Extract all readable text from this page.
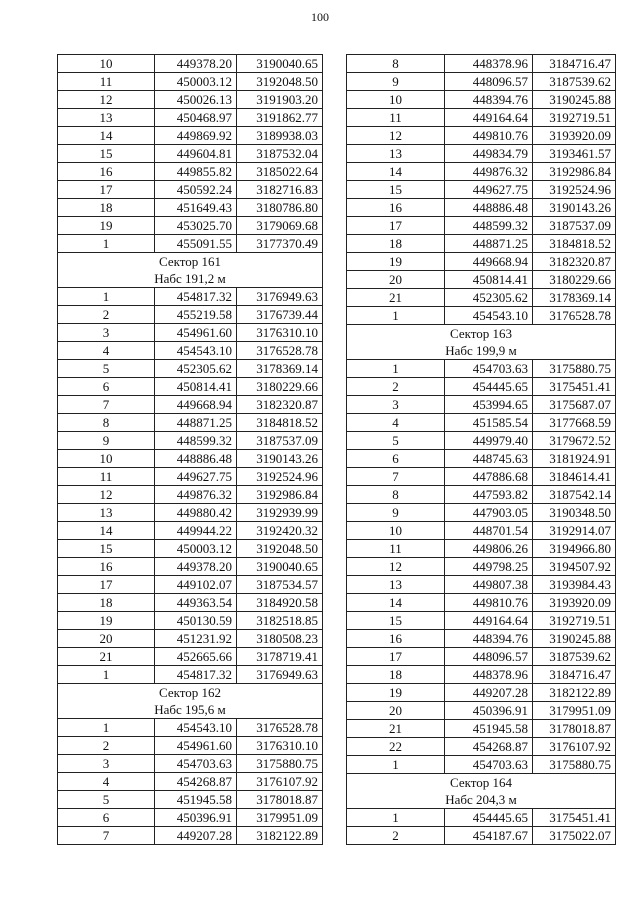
100
10	449378.20	3190040.65
11	450003.12	3192048.50
12	450026.13	3191903.20
13	450468.97	3191862.77
14	449869.92	3189938.03
15	449604.81	3187532.04
16	449855.82	3185022.64
17	450592.24	3182716.83
18	451649.43	3180786.80
19	453025.70	3179069.68
1	455091.55	3177370.49
Сектор 161		
Набс 191,2 м		
1	454817.32	3176949.63
2	455219.58	3176739.44
3	454961.60	3176310.10
4	454543.10	3176528.78
5	452305.62	3178369.14
6	450814.41	3180229.66
7	449668.94	3182320.87
8	448871.25	3184818.52
9	448599.32	3187537.09
10	448886.48	3190143.26
11	449627.75	3192524.96
12	449876.32	3192986.84
13	449880.42	3192939.99
14	449944.22	3192420.32
15	450003.12	3192048.50
16	449378.20	3190040.65
17	449102.07	3187534.57
18	449363.54	3184920.58
19	450130.59	3182518.85
20	451231.92	3180508.23
21	452665.66	3178719.41
1	454817.32	3176949.63
Сектор 162		
Набс 195,6 м		
1	454543.10	3176528.78
2	454961.60	3176310.10
3	454703.63	3175880.75
4	454268.87	3176107.92
5	451945.58	3178018.87
6	450396.91	3179951.09
7	449207.28	3182122.89
8	448378.96	3184716.47
9	448096.57	3187539.62
10	448394.76	3190245.88
11	449164.64	3192719.51
12	449810.76	3193920.09
13	449834.79	3193461.57
14	449876.32	3192986.84
15	449627.75	3192524.96
16	448886.48	3190143.26
17	448599.32	3187537.09
18	448871.25	3184818.52
19	449668.94	3182320.87
20	450814.41	3180229.66
21	452305.62	3178369.14
1	454543.10	3176528.78
Сектор 163		
Набс 199,9 м		
1	454703.63	3175880.75
2	454445.65	3175451.41
3	453994.65	3175687.07
4	451585.54	3177668.59
5	449979.40	3179672.52
6	448745.63	3181924.91
7	447886.68	3184614.41
8	447593.82	3187542.14
9	447903.05	3190348.50
10	448701.54	3192914.07
11	449806.26	3194966.80
12	449798.25	3194507.92
13	449807.38	3193984.43
14	449810.76	3193920.09
15	449164.64	3192719.51
16	448394.76	3190245.88
17	448096.57	3187539.62
18	448378.96	3184716.47
19	449207.28	3182122.89
20	450396.91	3179951.09
21	451945.58	3178018.87
22	454268.87	3176107.92
1	454703.63	3175880.75
Сектор 164		
Набс 204,3 м		
1	454445.65	3175451.41
2	454187.67	3175022.07
